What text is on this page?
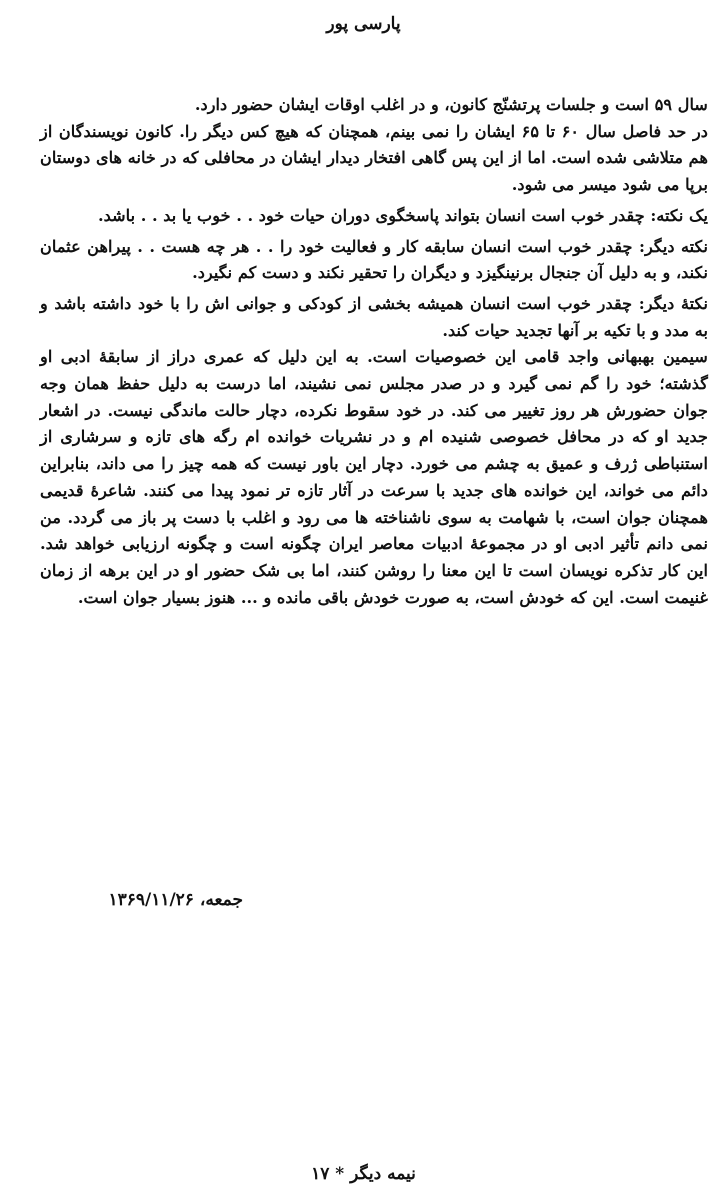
پارسی پور

سال ۵۹ است و جلسات پرتشنّج کانون، و در اغلب اوقات ایشان حضور دارد.

در حد فاصل سال ۶۰ تا ۶۵ ایشان را نمی بینم، همچنان که هیچ کس دیگر را. کانون نویسندگان از هم متلاشی شده است. اما از این پس گاهی افتخار دیدار ایشان در محافلی که در خانه های دوستان برپا می شود میسر می شود.

یک نکته: چقدر خوب است انسان بتواند پاسخگوی دوران حیات خود . . خوب یا بد . . باشد.

نکته دیگر: چقدر خوب است انسان سابقه کار و فعالیت خود را . . هر چه هست . . پیراهن عثمان نکند، و به دلیل آن جنجال برنینگیزد و دیگران را تحقیر نکند و دست کم نگیرد.

نکتهٔ دیگر: چقدر خوب است انسان همیشه بخشی از کودکی و جوانی اش را با خود داشته باشد و به مدد و با تکیه بر آنها تجدید حیات کند.

سیمین بهبهانی واجد قامی این خصوصیات است. به این دلیل که عمری دراز از سابقهٔ ادبی او گذشته؛ خود را گم نمی گیرد و در صدر مجلس نمی نشیند، اما درست به دلیل حفظ همان وجه جوان حضورش هر روز تغییر می کند. در خود سقوط نکرده، دچار حالت ماندگی نیست. در اشعار جدید او که در محافل خصوصی شنیده ام و در نشریات خوانده ام رگه های تازه و سرشاری از استنباطی ژرف و عمیق به چشم می خورد. دچار این باور نیست که همه چیز را می داند، بنابراین دائم می خواند، این خوانده های جدید با سرعت در آثار تازه تر نمود پیدا می کنند. شاعرهٔ قدیمی همچنان جوان است، با شهامت به سوی ناشناخته ها می رود و اغلب با دست پر باز می گردد. من نمی دانم تأثیر ادبی او در مجموعهٔ ادبیات معاصر ایران چگونه است و چگونه ارزیابی خواهد شد. این کار تذکره نویسان است تا این معنا را روشن کنند، اما بی شک حضور او در این برهه از زمان غنیمت است. این که خودش است، به صورت خودش باقی مانده و ... هنوز بسیار جوان است.

جمعه، ۱۳۶۹/۱۱/۲۶
نیمه دیگر * ۱۷
